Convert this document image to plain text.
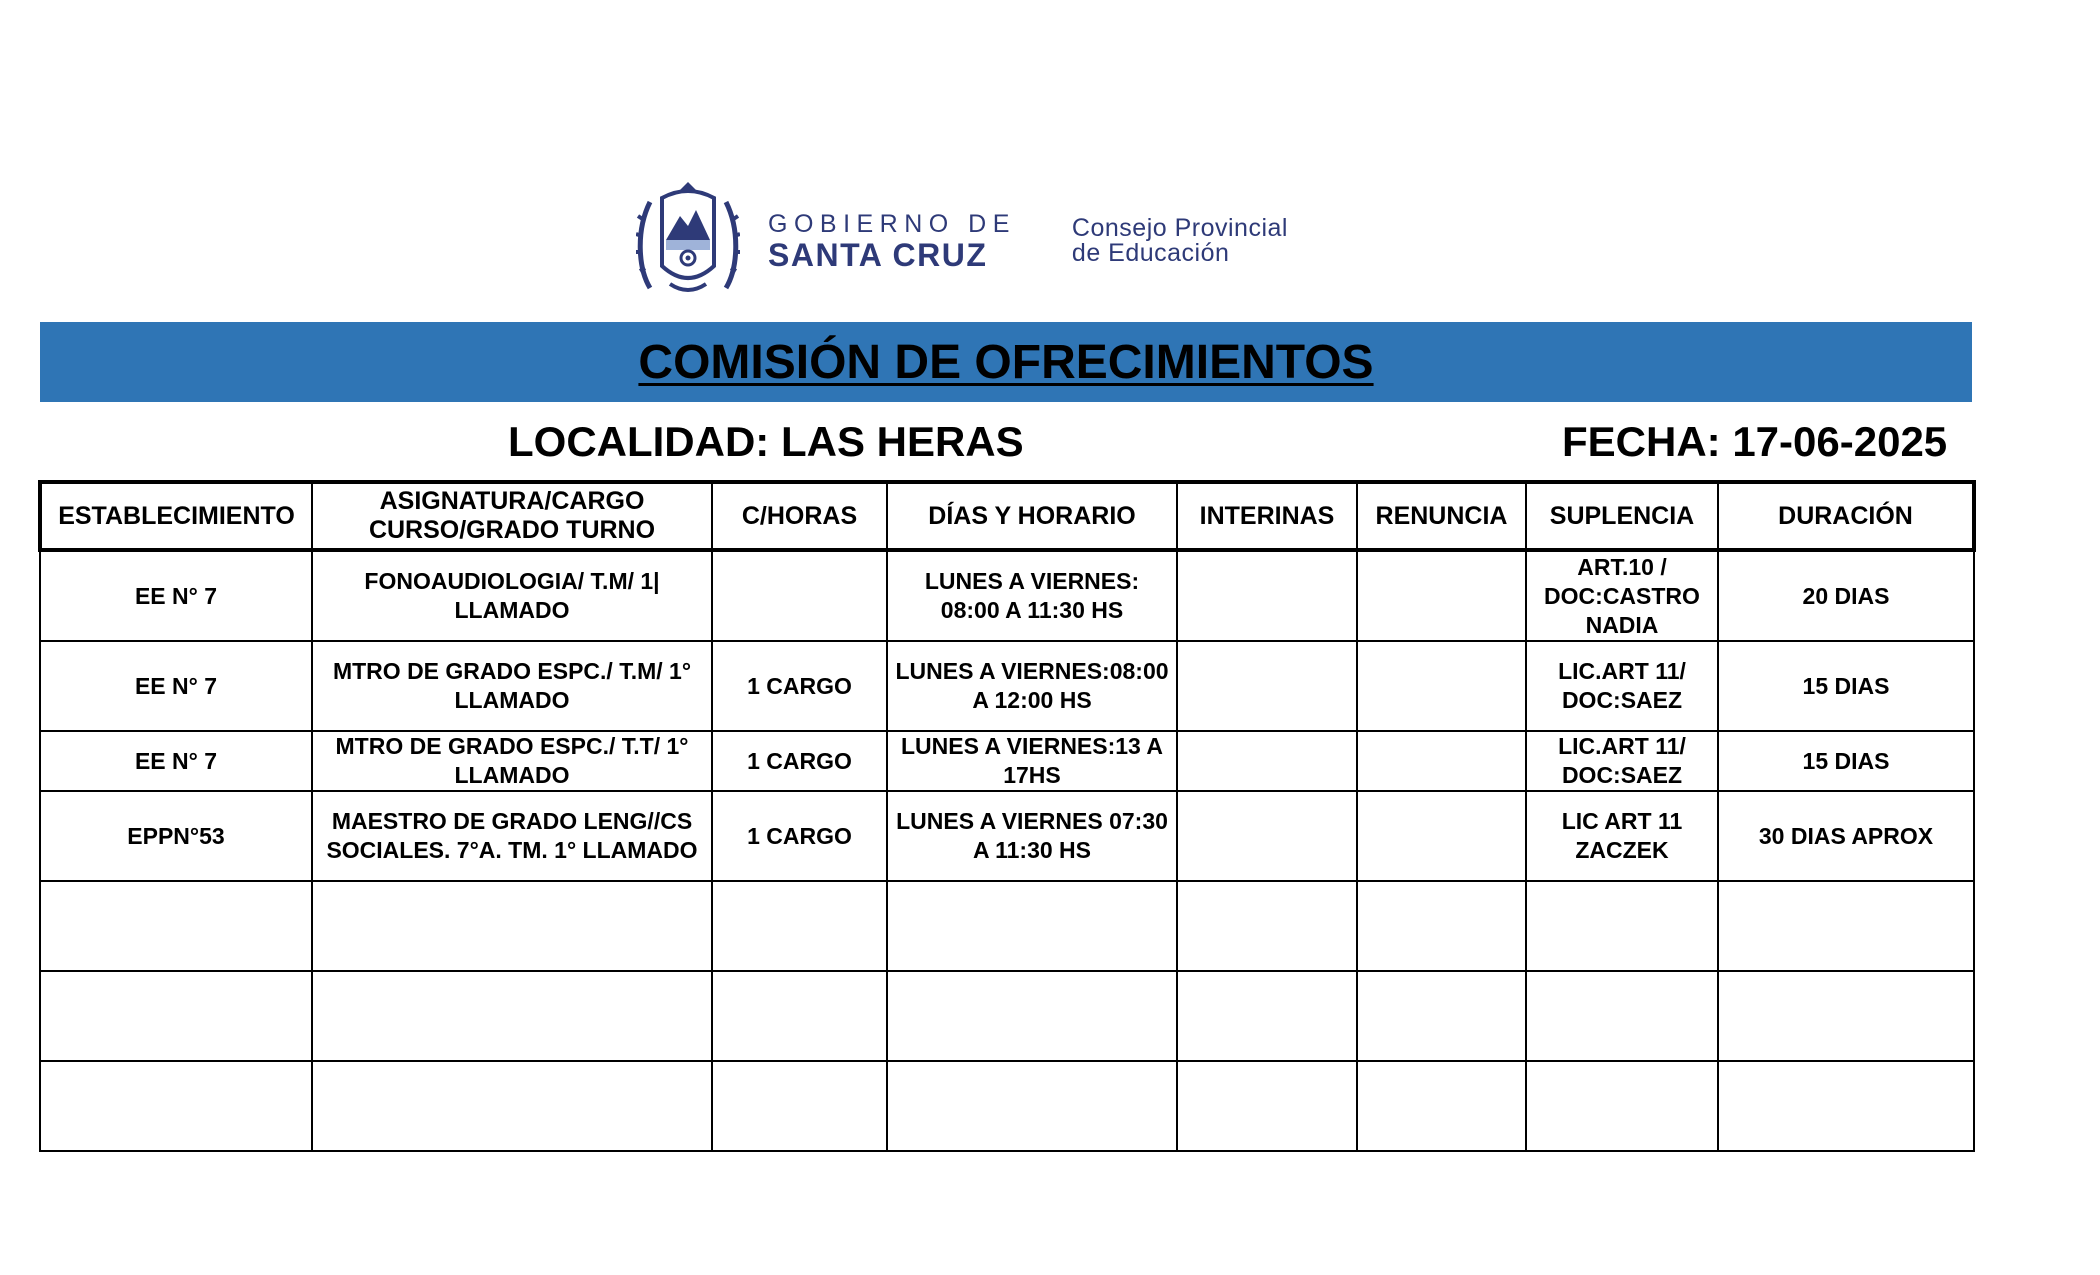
GOBIERNO DE
SANTA CRUZ
Consejo Provincial
de Educación
COMISIÓN DE OFRECIMIENTOS
LOCALIDAD: LAS HERAS	FECHA: 17-06-2025
ESTABLECIMIENTO	ASIGNATURA/CARGO CURSO/GRADO TURNO	C/HORAS	DÍAS Y HORARIO	INTERINAS	RENUNCIA	SUPLENCIA	DURACIÓN
EE N° 7	FONOAUDIOLOGIA/ T.M/ 1| LLAMADO		LUNES A VIERNES: 08:00 A 11:30 HS			ART.10 / DOC:CASTRO NADIA	20 DIAS
EE N° 7	MTRO DE GRADO ESPC./ T.M/ 1° LLAMADO	1 CARGO	LUNES A VIERNES:08:00 A 12:00 HS			LIC.ART 11/ DOC:SAEZ	15 DIAS
EE N° 7	MTRO DE GRADO ESPC./ T.T/ 1° LLAMADO	1 CARGO	LUNES A VIERNES:13 A 17HS			LIC.ART 11/ DOC:SAEZ	15 DIAS
EPPN°53	MAESTRO DE GRADO LENG//CS SOCIALES. 7°A. TM. 1° LLAMADO	1 CARGO	LUNES A VIERNES 07:30 A 11:30 HS			LIC ART 11 ZACZEK	30 DIAS APROX
